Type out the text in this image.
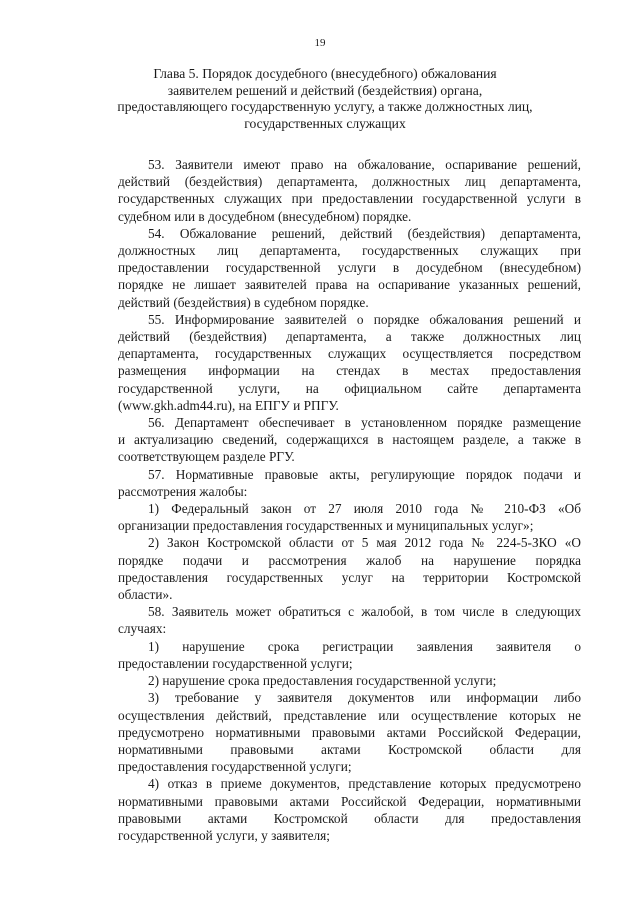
19
Глава 5. Порядок досудебного (внесудебного) обжалования
заявителем решений и действий (бездействия) органа,
предоставляющего государственную услугу, а также должностных лиц,
государственных служащих
53. Заявители имеют право на обжалование, оспаривание решений,
действий (бездействия) департамента, должностных лиц департамента,
государственных служащих при предоставлении государственной услуги в
судебном или в досудебном (внесудебном) порядке.
54. Обжалование решений, действий (бездействия) департамента,
должностных лиц департамента, государственных служащих при
предоставлении государственной услуги в досудебном (внесудебном)
порядке не лишает заявителей права на оспаривание указанных решений,
действий (бездействия) в судебном порядке.
55. Информирование заявителей о порядке обжалования решений и
действий (бездействия) департамента, а также должностных лиц
департамента, государственных служащих осуществляется посредством
размещения информации на стендах в местах предоставления
государственной услуги, на официальном сайте департамента
(www.gkh.adm44.ru), на ЕПГУ и РПГУ.
56. Департамент обеспечивает в установленном порядке размещение
и актуализацию сведений, содержащихся в настоящем разделе, а также в
соответствующем разделе РГУ.
57. Нормативные правовые акты, регулирующие порядок подачи и
рассмотрения жалобы:
1) Федеральный закон от 27 июля 2010 года № 210-ФЗ «Об
организации предоставления государственных и муниципальных услуг»;
2) Закон Костромской области от 5 мая 2012 года № 224-5-ЗКО «О
порядке подачи и рассмотрения жалоб на нарушение порядка
предоставления государственных услуг на территории Костромской
области».
58. Заявитель может обратиться с жалобой, в том числе в следующих
случаях:
1) нарушение срока регистрации заявления заявителя о
предоставлении государственной услуги;
2) нарушение срока предоставления государственной услуги;
3) требование у заявителя документов или информации либо
осуществления действий, представление или осуществление которых не
предусмотрено нормативными правовыми актами Российской Федерации,
нормативными правовыми актами Костромской области для
предоставления государственной услуги;
4) отказ в приеме документов, представление которых предусмотрено
нормативными правовыми актами Российской Федерации, нормативными
правовыми актами Костромской области для предоставления
государственной услуги, у заявителя;
